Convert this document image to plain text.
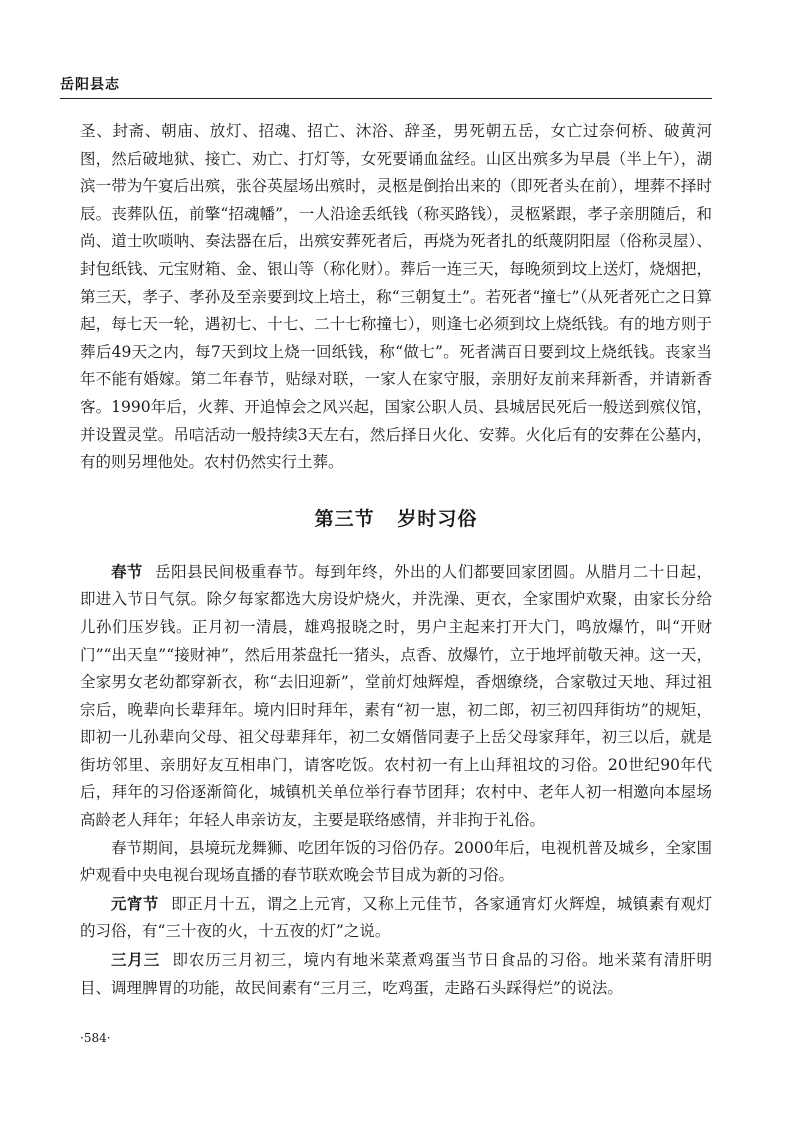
岳阳县志

圣、封斋、朝庙、放灯、招魂、招亡、沐浴、辞圣，男死朝五岳，女亡过奈何桥、破黄河图，然后破地狱、接亡、劝亡、打灯等，女死要诵血盆经。山区出殡多为早晨（半上午），湖滨一带为午宴后出殡，张谷英屋场出殡时，灵柩是倒抬出来的（即死者头在前），埋葬不择时辰。丧葬队伍，前擎“招魂幡”，一人沿途丢纸钱（称买路钱），灵柩紧跟，孝子亲朋随后，和尚、道士吹唢呐、奏法器在后，出殡安葬死者后，再烧为死者扎的纸蔑阴阳屋（俗称灵屋）、封包纸钱、元宝财箱、金、银山等（称化财）。葬后一连三天，每晚须到坟上送灯，烧烟把，第三天，孝子、孝孙及至亲要到坟上培土，称“三朝复土”。若死者“撞七”（从死者死亡之日算起，每七天一轮，遇初七、十七、二十七称撞七），则逢七必须到坟上烧纸钱。有的地方则于葬后49天之内，每7天到坟上烧一回纸钱，称“做七”。死者满百日要到坟上烧纸钱。丧家当年不能有婚嫁。第二年春节，贴绿对联，一家人在家守服，亲朋好友前来拜新香，并请新香客。1990年后，火葬、开追悼会之风兴起，国家公职人员、县城居民死后一般送到殡仪馆，并设置灵堂。吊唁活动一般持续3天左右，然后择日火化、安葬。火化后有的安葬在公墓内，有的则另埋他处。农村仍然实行土葬。

第三节 岁时习俗

春节 岳阳县民间极重春节。每到年终，外出的人们都要回家团圆。从腊月二十日起，即进入节日气氛。除夕每家都选大房设炉烧火，并洗澡、更衣，全家围炉欢聚，由家长分给儿孙们压岁钱。正月初一清晨，雄鸡报晓之时，男户主起来打开大门，鸣放爆竹，叫“开财门”“出天皇”“接财神”，然后用茶盘托一猪头，点香、放爆竹，立于地坪前敬天神。这一天，全家男女老幼都穿新衣，称“去旧迎新”，堂前灯烛辉煌，香烟缭绕，合家敬过天地、拜过祖宗后，晚辈向长辈拜年。境内旧时拜年，素有“初一崽，初二郎，初三初四拜街坊”的规矩，即初一儿孙辈向父母、祖父母辈拜年，初二女婿偕同妻子上岳父母家拜年，初三以后，就是街坊邻里、亲朋好友互相串门，请客吃饭。农村初一有上山拜祖坟的习俗。20世纪90年代后，拜年的习俗逐渐简化，城镇机关单位举行春节团拜；农村中、老年人初一相邀向本屋场高龄老人拜年；年轻人串亲访友，主要是联络感情，并非拘于礼俗。

春节期间，县境玩龙舞狮、吃团年饭的习俗仍存。2000年后，电视机普及城乡，全家围炉观看中央电视台现场直播的春节联欢晚会节目成为新的习俗。

元宵节 即正月十五，谓之上元宵，又称上元佳节，各家通宵灯火辉煌，城镇素有观灯的习俗，有“三十夜的火，十五夜的灯”之说。

三月三 即农历三月初三，境内有地米菜煮鸡蛋当节日食品的习俗。地米菜有清肝明目、调理脾胃的功能，故民间素有“三月三，吃鸡蛋，走路石头踩得烂”的说法。

·584·
